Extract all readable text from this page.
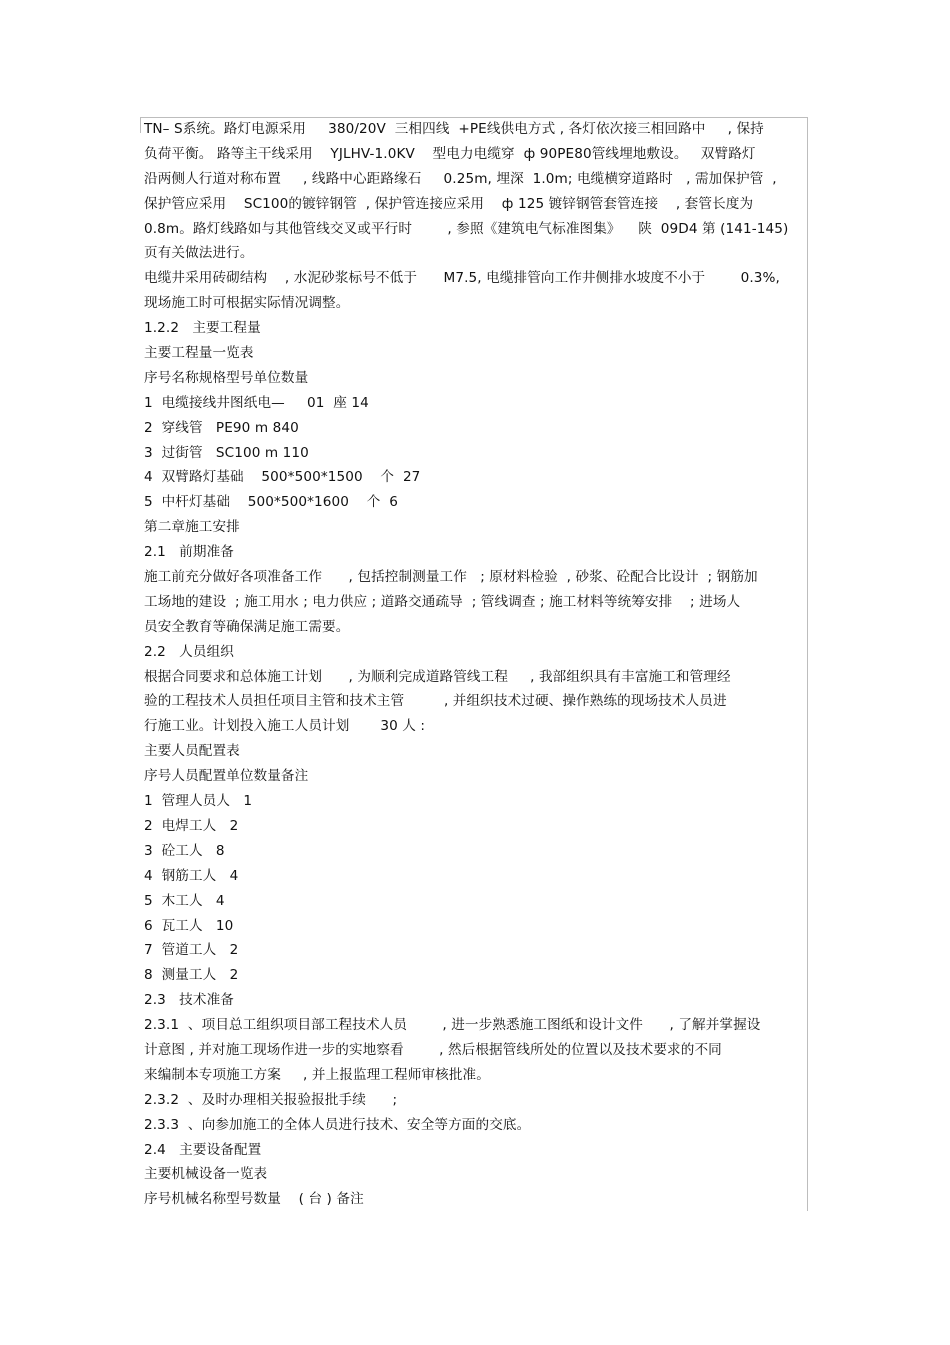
TN– S系统。路灯电源采用     380/20V  三相四线  +PE线供电方式 , 各灯依次接三相回路中     , 保持
负荷平衡。 路等主干线采用    YJLHV-1.0KV    型电力电缆穿  ф 90PE80管线埋地敷设。   双臂路灯
沿两侧人行道对称布置     , 线路中心距路缘石     0.25m, 埋深  1.0m; 电缆横穿道路时   , 需加保护管  ,
保护管应采用    SC100的镀锌钢管  , 保护管连接应采用    ф 125 镀锌钢管套管连接    , 套管长度为
0.8m。路灯线路如与其他管线交叉或平行时        , 参照《建筑电气标准图集》    陕  09D4 第 (141-145)
页有关做法进行。
电缆井采用砖砌结构    , 水泥砂浆标号不低于      M7.5, 电缆排管向工作井侧排水坡度不小于        0.3%,
现场施工时可根据实际情况调整。
1.2.2   主要工程量
主要工程量一览表
序号名称规格型号单位数量
1  电缆接线井图纸电—     01  座 14
2  穿线管   PE90 m 840
3  过街管   SC100 m 110
4  双臂路灯基础    500*500*1500    个  27
5  中杆灯基础    500*500*1600    个  6
第二章施工安排
2.1   前期准备
施工前充分做好各项准备工作      , 包括控制测量工作   ; 原材料检验  , 砂浆、砼配合比设计  ; 钢筋加
工场地的建设  ; 施工用水 ; 电力供应 ; 道路交通疏导  ; 管线调查 ; 施工材料等统筹安排    ; 进场人
员安全教育等确保满足施工需要。
2.2   人员组织
根据合同要求和总体施工计划      , 为顺利完成道路管线工程     , 我部组织具有丰富施工和管理经
验的工程技术人员担任项目主管和技术主管         , 并组织技术过硬、操作熟练的现场技术人员进
行施工业。计划投入施工人员计划       30 人 :
主要人员配置表
序号人员配置单位数量备注
1  管理人员人   1
2  电焊工人   2
3  砼工人   8
4  钢筋工人   4
5  木工人   4
6  瓦工人   10
7  管道工人   2
8  测量工人   2
2.3   技术准备
2.3.1  、项目总工组织项目部工程技术人员        , 进一步熟悉施工图纸和设计文件      , 了解并掌握设
计意图 , 并对施工现场作进一步的实地察看        , 然后根据管线所处的位置以及技术要求的不同
来编制本专项施工方案     , 并上报监理工程师审核批准。
2.3.2  、及时办理相关报验报批手续      ;
2.3.3  、向参加施工的全体人员进行技术、安全等方面的交底。
2.4   主要设备配置
主要机械设备一览表
序号机械名称型号数量    ( 台 ) 备注
